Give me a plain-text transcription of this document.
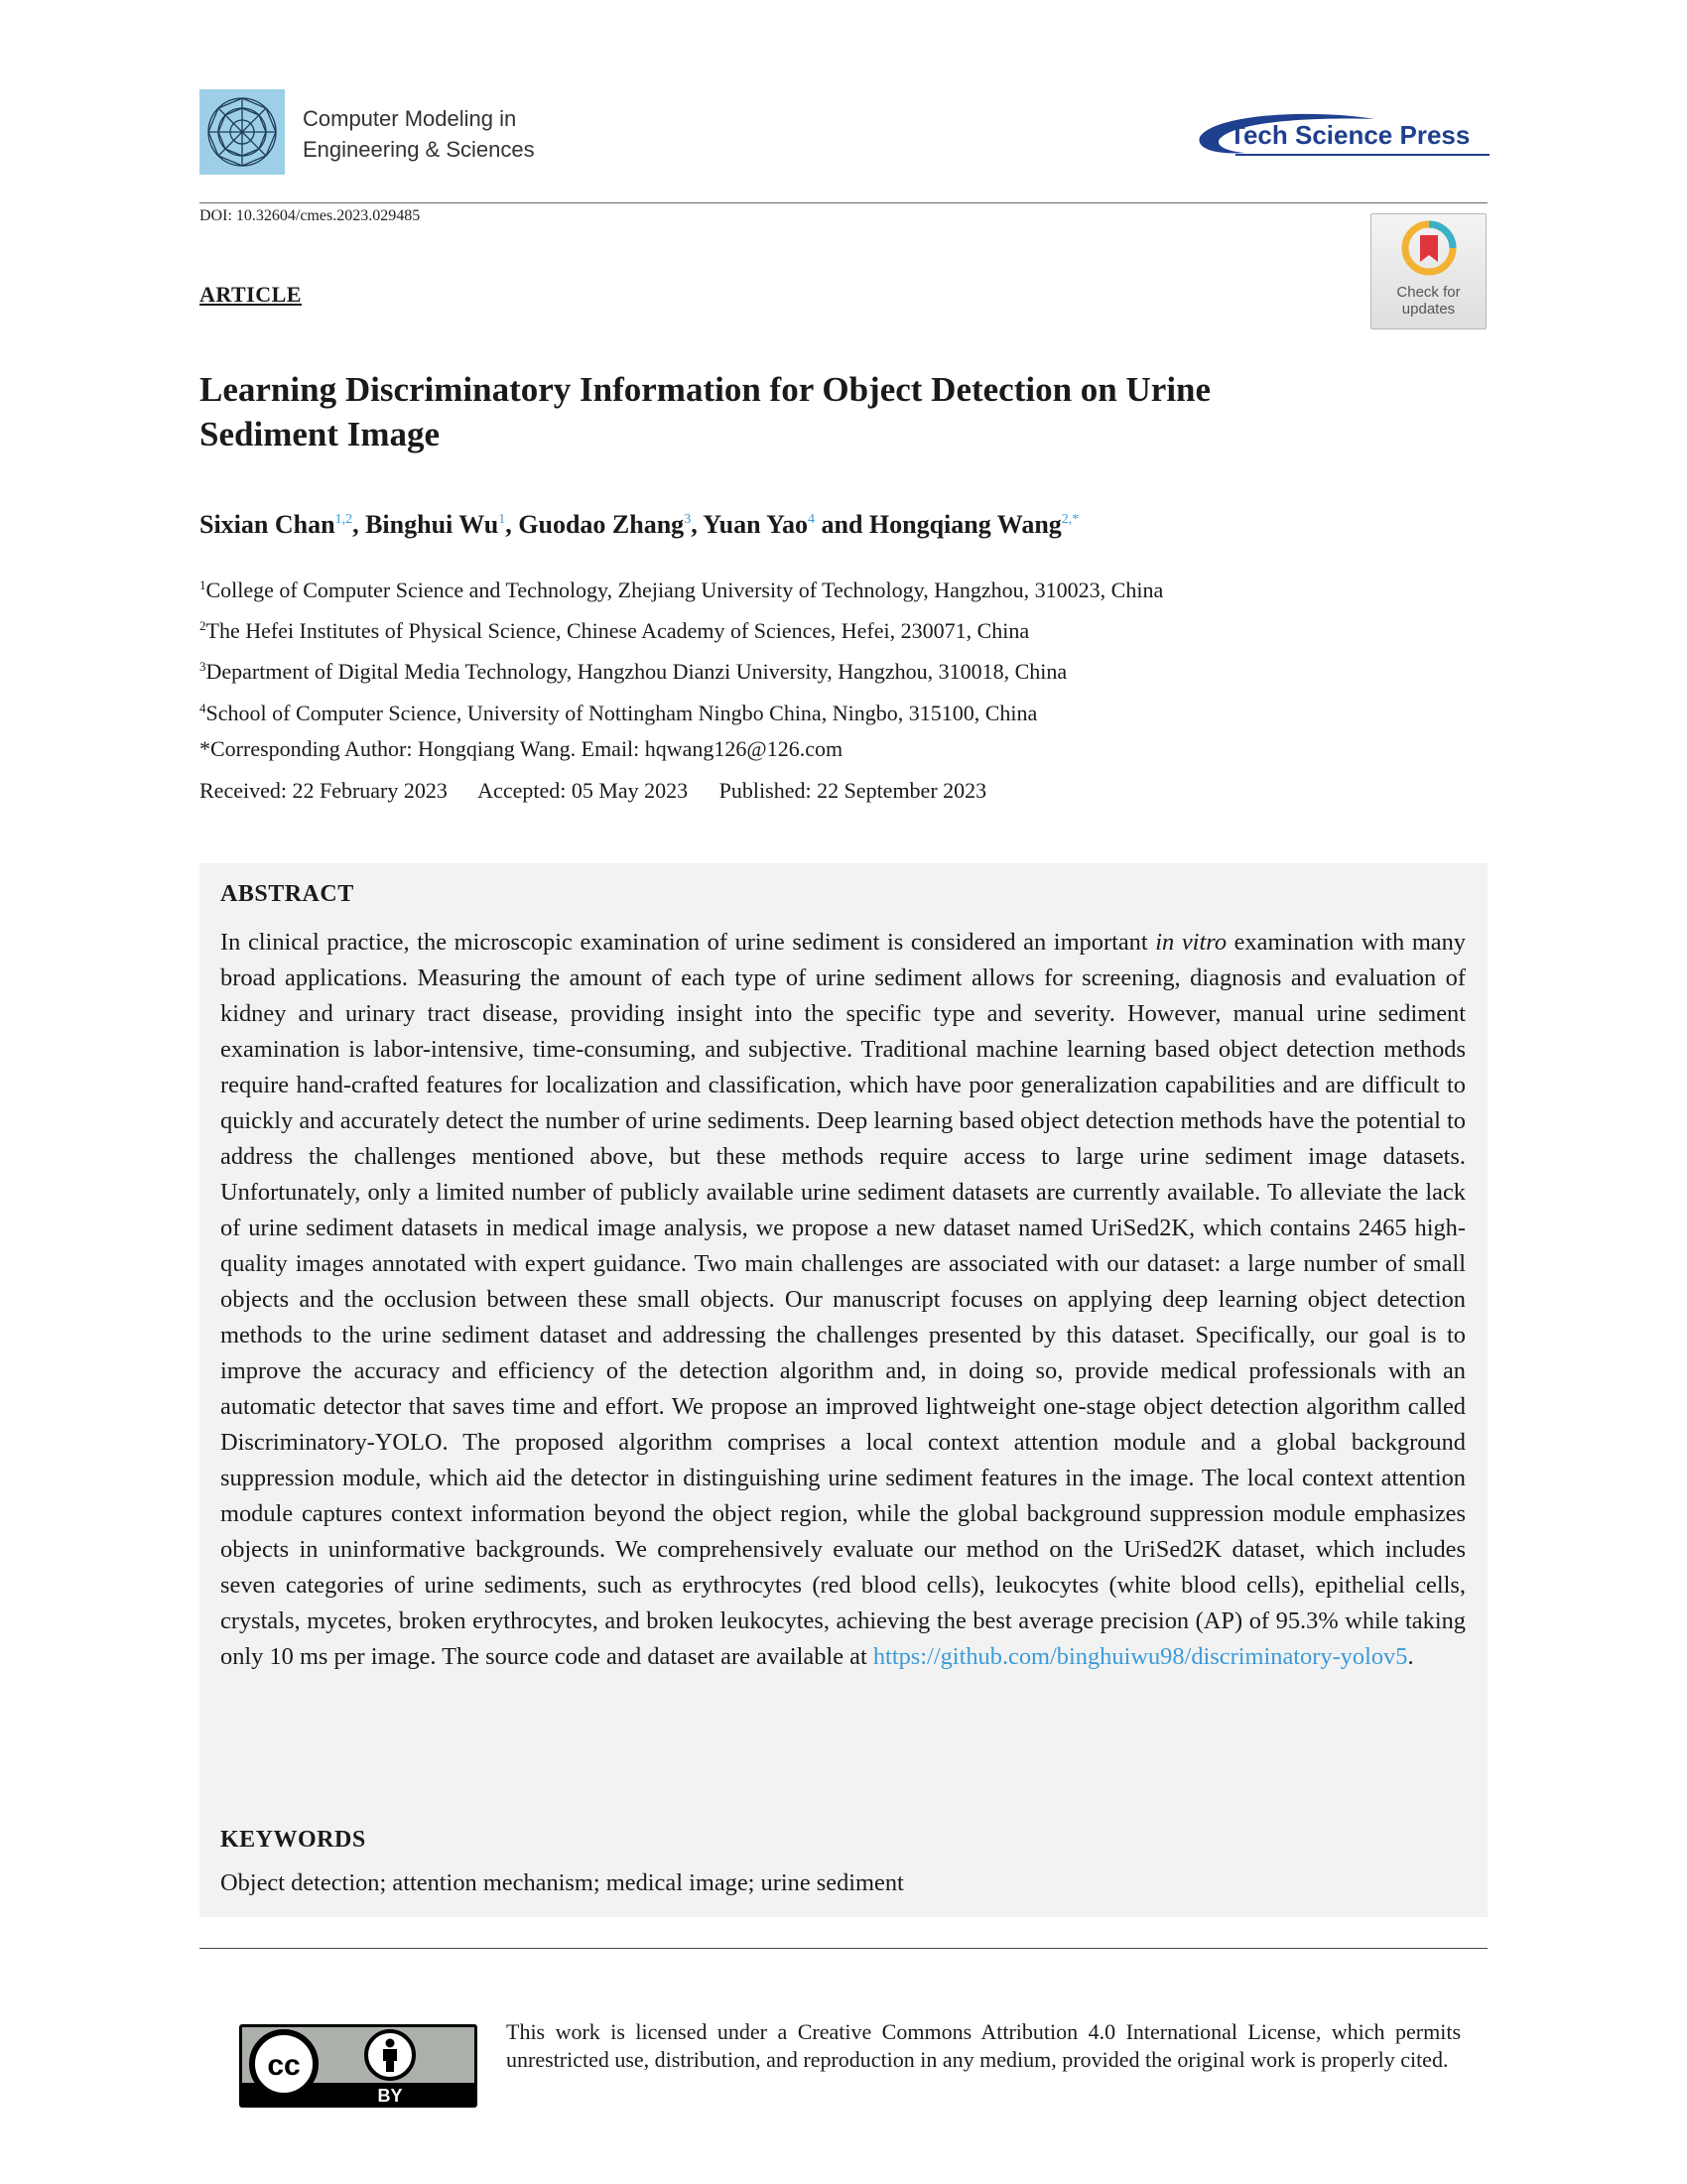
Computer Modeling in
Engineering & Sciences	Tech Science Press
DOI: 10.32604/cmes.2023.029485
Check for
updates
ARTICLE
Learning Discriminatory Information for Object Detection on Urine Sediment Image
Sixian Chan$^{1,2}$, Binghui Wu$^1$, Guodao Zhang$^3$, Yuan Yao$^4$ and Hongqiang Wang$^{2,*}$
$^1$College of Computer Science and Technology, Zhejiang University of Technology, Hangzhou, 310023, China
$^2$The Hefei Institutes of Physical Science, Chinese Academy of Sciences, Hefei, 230071, China
$^3$Department of Digital Media Technology, Hangzhou Dianzi University, Hangzhou, 310018, China
$^4$School of Computer Science, University of Nottingham Ningbo China, Ningbo, 315100, China
*Corresponding Author: Hongqiang Wang. Email: hqwang126@126.com
Received: 22 February 2023 Accepted: 05 May 2023 Published: 22 September 2023
ABSTRACT
In clinical practice, the microscopic examination of urine sediment is considered an important in vitro examination with many broad applications. Measuring the amount of each type of urine sediment allows for screening, diagnosis and evaluation of kidney and urinary tract disease, providing insight into the specific type and severity. However, manual urine sediment examination is labor-intensive, time-consuming, and subjective. Traditional machine learning based object detection methods require hand-crafted features for localization and classification, which have poor generalization capabilities and are difficult to quickly and accurately detect the number of urine sediments. Deep learning based object detection methods have the potential to address the challenges mentioned above, but these methods require access to large urine sediment image datasets. Unfortunately, only a limited number of publicly available urine sediment datasets are currently available. To alleviate the lack of urine sediment datasets in medical image analysis, we propose a new dataset named UriSed2K, which contains 2465 high-quality images annotated with expert guidance. Two main challenges are associated with our dataset: a large number of small objects and the occlusion between these small objects. Our manuscript focuses on applying deep learning object detection methods to the urine sediment dataset and addressing the challenges presented by this dataset. Specifically, our goal is to improve the accuracy and efficiency of the detection algorithm and, in doing so, provide medical professionals with an automatic detector that saves time and effort. We propose an improved lightweight one-stage object detection algorithm called Discriminatory-YOLO. The proposed algorithm comprises a local context attention module and a global background suppression module, which aid the detector in distinguishing urine sediment features in the image. The local context attention module captures context information beyond the object region, while the global background suppression module emphasizes objects in uninformative backgrounds. We comprehensively evaluate our method on the UriSed2K dataset, which includes seven categories of urine sediments, such as erythrocytes (red blood cells), leukocytes (white blood cells), epithelial cells, crystals, mycetes, broken erythrocytes, and broken leukocytes, achieving the best average precision (AP) of 95.3% while taking only 10 ms per image. The source code and dataset are available at https://github.com/binghuiwu98/discriminatory-yolov5.
KEYWORDS
Object detection; attention mechanism; medical image; urine sediment
cc
BY
This work is licensed under a Creative Commons Attribution 4.0 International License, which permits unrestricted use, distribution, and reproduction in any medium, provided the original work is properly cited.
